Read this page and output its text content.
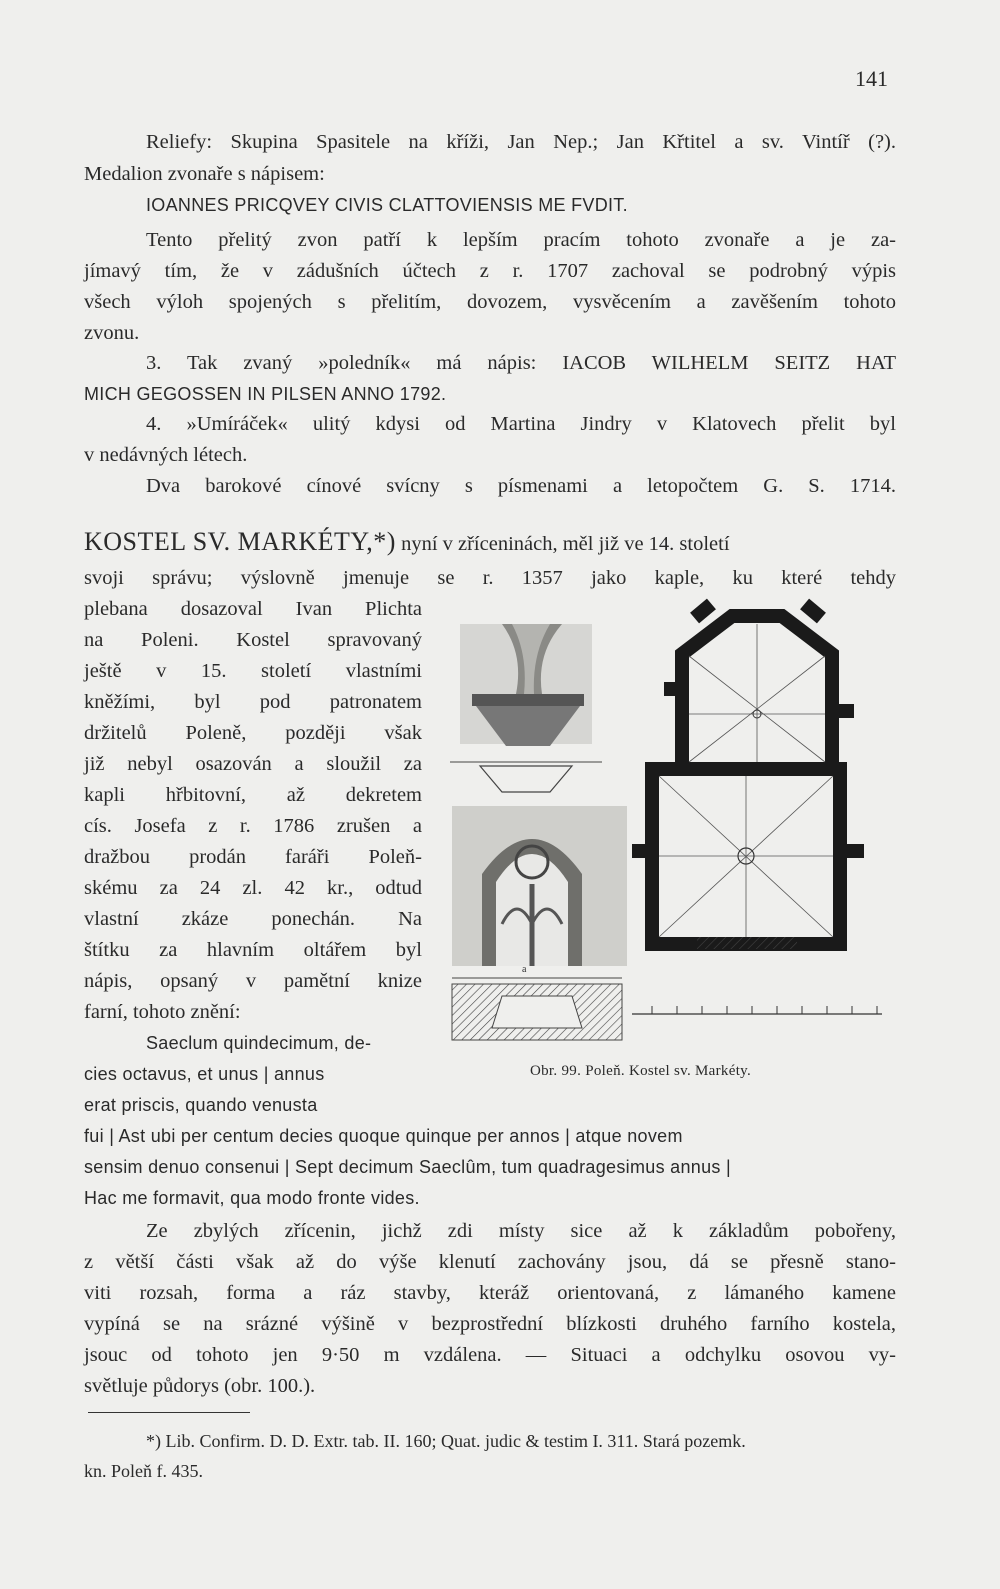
141
Reliefy: Skupina Spasitele na kříži, Jan Nep.; Jan Křtitel a sv. Vintíř (?).
Medalion zvonaře s nápisem:
IOANNES PRICQVEY CIVIS CLATTOVIENSIS ME FVDIT.
Tento přelitý zvon patří k lepším pracím tohoto zvonaře a je za-
jímavý tím, že v zádušních účtech z r. 1707 zachoval se podrobný výpis
všech výloh spojených s přelitím, dovozem, vysvěcením a zavěšením tohoto
zvonu.
3. Tak zvaný »poledník« má nápis: IACOB WILHELM SEITZ HAT
MICH GEGOSSEN IN PILSEN ANNO 1792.
4. »Umíráček« ulitý kdysi od Martina Jindry v Klatovech přelit byl
v nedávných létech.
Dva barokové cínové svícny s písmenami a letopočtem G. S. 1714.
svoji správu; výslovně jmenuje se r. 1357 jako kaple, ku které tehdy
plebana dosazoval Ivan Plichta
na Poleni. Kostel spravovaný
ještě v 15. století vlastními
kněžími, byl pod patronatem
držitelů Poleně, později však
již nebyl osazován a sloužil za
kapli hřbitovní, až dekretem
cís. Josefa z r. 1786 zrušen a
dražbou prodán faráři Poleň-
skému za 24 zl. 42 kr., odtud
vlastní zkáze ponechán. Na
štítku za hlavním oltářem byl
nápis, opsaný v pamětní knize
farní, tohoto znění:
Saeclum quindecimum, de-
cies octavus, et unus | annus
erat priscis, quando venusta
fui | Ast ubi per centum decies quoque quinque per annos | atque novem
sensim denuo consenui | Sept decimum Saeclûm, tum quadragesimus annus |
Hac me formavit, qua modo fronte vides.
Ze zbylých zřícenin, jichž zdi místy sice až k základům pobořeny,
z větší části však až do výše klenutí zachovány jsou, dá se přesně stano-
viti rozsah, forma a ráz stavby, kteráž orientovaná, z lámaného kamene
vypíná se na srázné výšině v bezprostřední blízkosti druhého farního kostela,
jsouc od tohoto jen 9·50 m vzdálena. — Situaci a odchylku osovou vy-
světluje půdorys (obr. 100.).
*) Lib. Confirm. D. D. Extr. tab. II. 160; Quat. judic & testim I. 311. Stará pozemk.
kn. Poleň f. 435.
KOSTEL SV. MARKÉTY,*) nyní v zříceninách, měl již ve 14. století
a
Obr. 99. Poleň. Kostel sv. Markéty.
